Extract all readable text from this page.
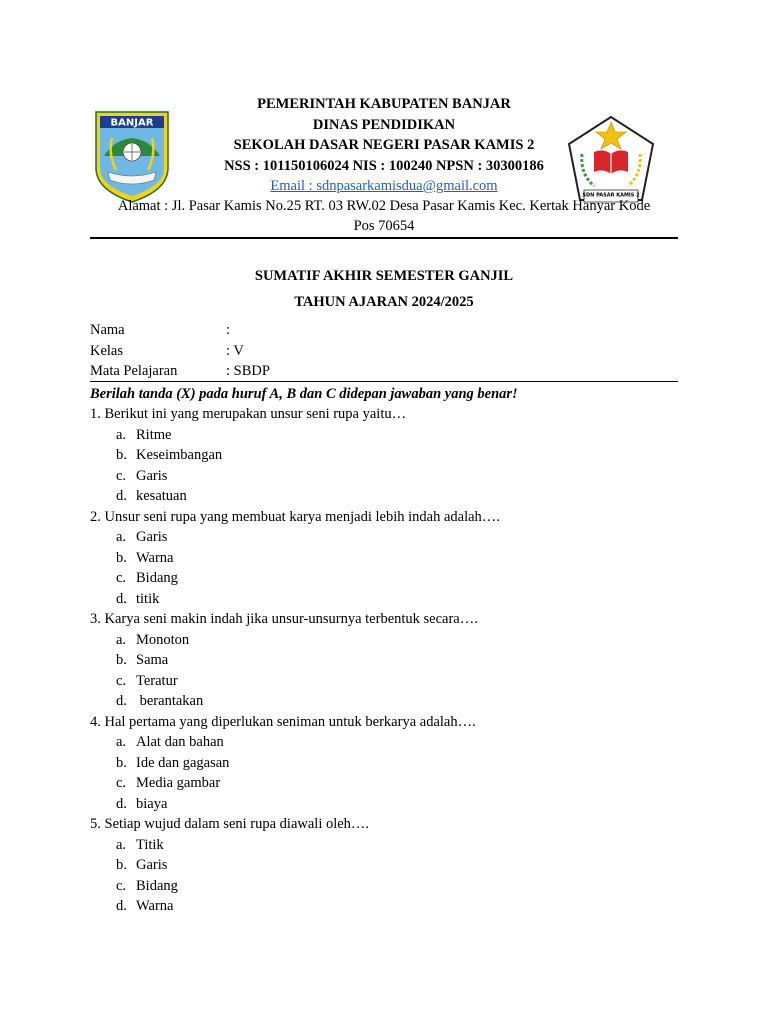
BANJAR
SDN PASAR KAMIS 2
PEMERINTAH KABUPATEN BANJAR
DINAS PENDIDIKAN
SEKOLAH DASAR NEGERI PASAR KAMIS 2
NSS : 101150106024 NIS : 100240 NPSN : 30300186
Email : sdnpasarkamisdua@gmail.com
Alamat : Jl. Pasar Kamis No.25 RT. 03 RW.02 Desa Pasar Kamis Kec. Kertak Hanyar Kode
Pos 70654
SUMATIF AKHIR SEMESTER GANJIL
TAHUN AJARAN 2024/2025
Nama	:
Kelas	: V
Mata Pelajaran	: SBDP
Berilah tanda (X) pada huruf A, B dan C didepan jawaban yang benar!
1. Berikut ini yang merupakan unsur seni rupa yaitu…
a. Ritme
b. Keseimbangan
c. Garis
d. kesatuan
2. Unsur seni rupa yang membuat karya menjadi lebih indah adalah….
a. Garis
b. Warna
c. Bidang
d. titik
3. Karya seni makin indah jika unsur-unsurnya terbentuk secara….
a. Monoton
b. Sama
c. Teratur
d. berantakan
4. Hal pertama yang diperlukan seniman untuk berkarya adalah….
a. Alat dan bahan
b. Ide dan gagasan
c. Media gambar
d. biaya
5. Setiap wujud dalam seni rupa diawali oleh….
a. Titik
b. Garis
c. Bidang
d. Warna
